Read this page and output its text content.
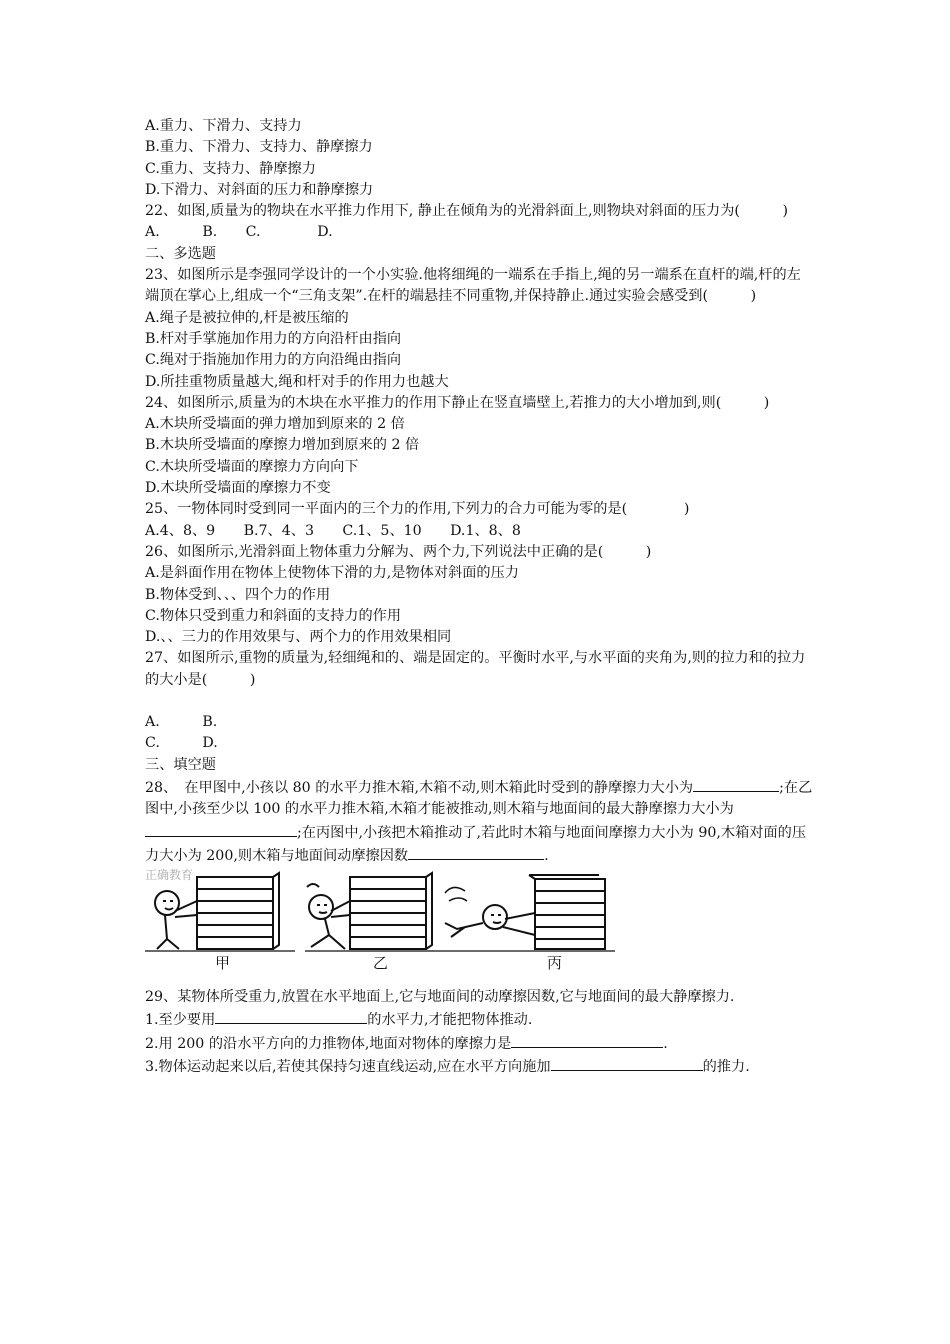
A.重力、下滑力、支持力
B.重力、下滑力、支持力、静摩擦力
C.重力、支持力、静摩擦力
D.下滑力、对斜面的压力和静摩擦力
22、如图,质量为的物块在水平推力作用下, 静止在倾角为的光滑斜面上,则物块对斜面的压力为(　　　)
A.　　　B.　　C.　　　　D.
二、多选题
23、如图所示是李强同学设计的一个小实验.他将细绳的一端系在手指上,绳的另一端系在直杆的端,杆的左端顶在掌心上,组成一个“三角支架”.在杆的端悬挂不同重物,并保持静止.通过实验会感受到(　　　)
A.绳子是被拉伸的,杆是被压缩的
B.杆对手掌施加作用力的方向沿杆由指向
C.绳对于指施加作用力的方向沿绳由指向
D.所挂重物质量越大,绳和杆对手的作用力也越大
24、如图所示,质量为的木块在水平推力的作用下静止在竖直墙壁上,若推力的大小增加到,则(　　　)
A.木块所受墙面的弹力增加到原来的 2 倍
B.木块所受墙面的摩擦力增加到原来的 2 倍
C.木块所受墙面的摩擦力方向向下
D.木块所受墙面的摩擦力不变
25、一物体同时受到同一平面内的三个力的作用,下列力的合力可能为零的是(　　　　)
A.4、8、9　　B.7、4、3　　C.1、5、10　　D.1、8、8
26、如图所示,光滑斜面上物体重力分解为、两个力,下列说法中正确的是(　　　)
A.是斜面作用在物体上使物体下滑的力,是物体对斜面的压力
B.物体受到、、、四个力的作用
C.物体只受到重力和斜面的支持力的作用
D.、、三力的作用效果与、两个力的作用效果相同
27、如图所示,重物的质量为,轻细绳和的、端是固定的。平衡时水平,与水平面的夹角为,则的拉力和的拉力的大小是(　　　)
A.　　　B.
C.　　　D.
三、填空题
28、　在甲图中,小孩以 80 的水平力推木箱,木箱不动,则木箱此时受到的静摩擦力大小为	;在乙图中,小孩至少以 100 的水平力推木箱,木箱才能被推动,则木箱与地面间的最大静摩擦力大小为;在丙图中,小孩把木箱推动了,若此时木箱与地面间摩擦力大小为 90,木箱对面的压力大小为 200,则木箱与地面间动摩擦因数	.
正确教育
甲	乙	丙
29、某物体所受重力,放置在水平地面上,它与地面间的动摩擦因数,它与地面间的最大静摩擦力.
1.至少要用	的水平力,才能把物体推动.
2.用 200 的沿水平方向的力推物体,地面对物体的摩擦力是	.
3.物体运动起来以后,若使其保持匀速直线运动,应在水平方向施加	的推力.
